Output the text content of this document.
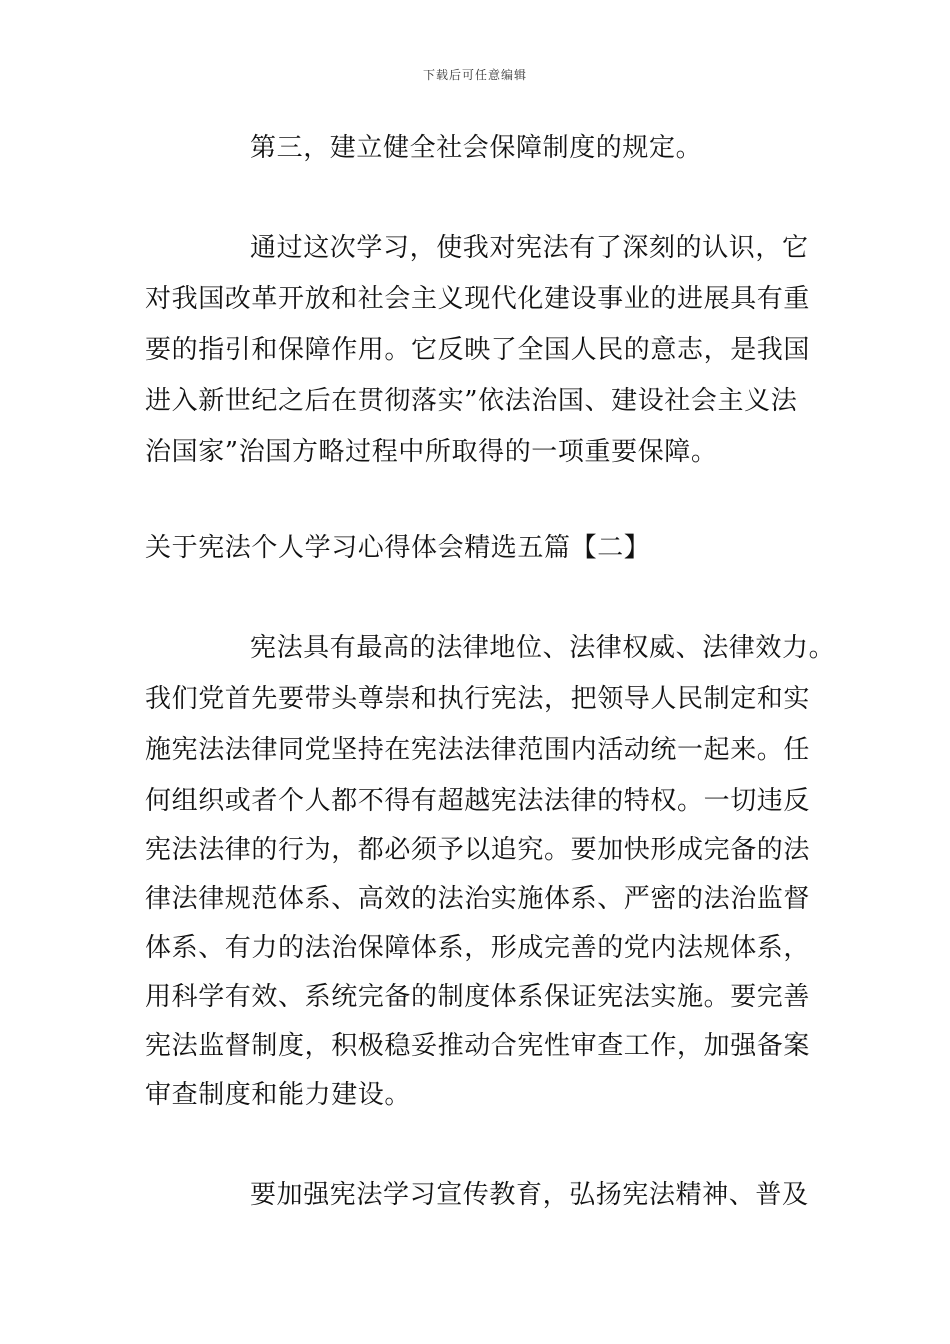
下载后可任意编辑
第三，建立健全社会保障制度的规定。
通过这次学习，使我对宪法有了深刻的认识，它
对我国改革开放和社会主义现代化建设事业的进展具有重
要的指引和保障作用。它反映了全国人民的意志，是我国
进入新世纪之后在贯彻落实”依法治国、建设社会主义法
治国家”治国方略过程中所取得的一项重要保障。
关于宪法个人学习心得体会精选五篇【二】
宪法具有最高的法律地位、法律权威、法律效力。
我们党首先要带头尊崇和执行宪法，把领导人民制定和实
施宪法法律同党坚持在宪法法律范围内活动统一起来。任
何组织或者个人都不得有超越宪法法律的特权。一切违反
宪法法律的行为，都必须予以追究。要加快形成完备的法
律法律规范体系、高效的法治实施体系、严密的法治监督
体系、有力的法治保障体系，形成完善的党内法规体系，
用科学有效、系统完备的制度体系保证宪法实施。要完善
宪法监督制度，积极稳妥推动合宪性审查工作，加强备案
审查制度和能力建设。
要加强宪法学习宣传教育，弘扬宪法精神、普及
